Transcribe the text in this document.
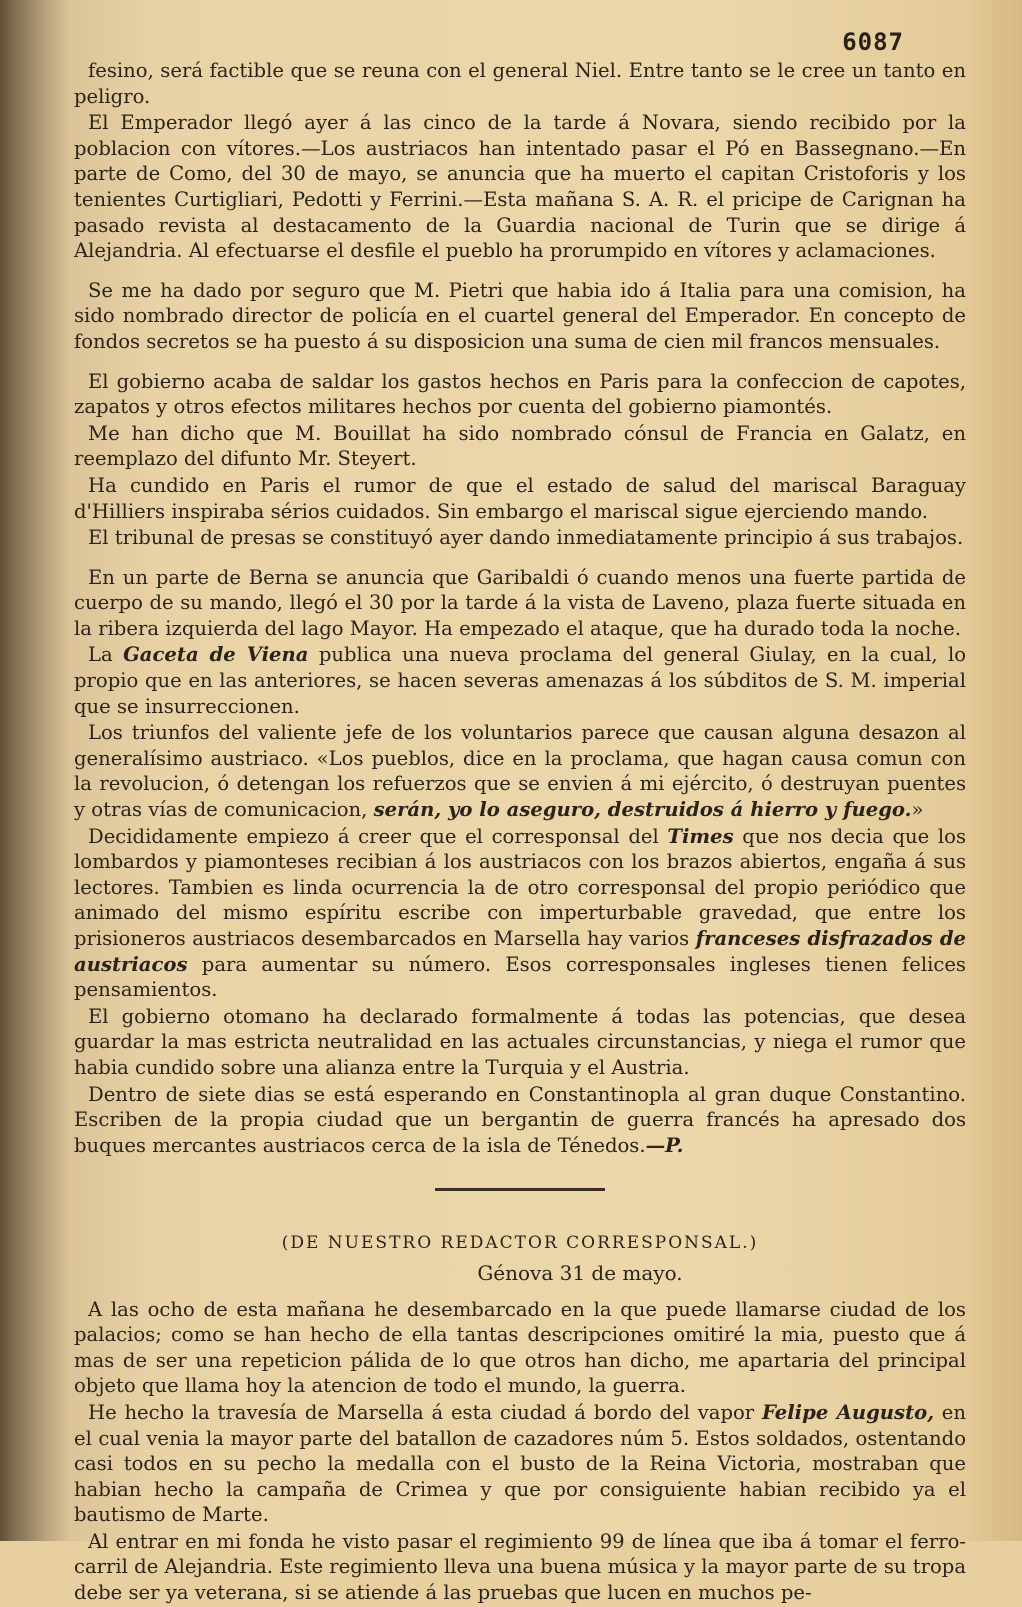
6087

fesino, será factible que se reuna con el general Niel. Entre tanto se le cree un tanto en peligro.

El Emperador llegó ayer á las cinco de la tarde á Novara, siendo recibido por la poblacion con vítores.—Los austriacos han intentado pasar el Pó en Bassegnano.—En parte de Como, del 30 de mayo, se anuncia que ha muerto el capitan Cristoforis y los tenientes Curtigliari, Pedotti y Ferrini.—Esta mañana S. A. R. el pricipe de Carignan ha pasado revista al destacamento de la Guardia nacional de Turin que se dirige á Alejandria. Al efectuarse el desfile el pueblo ha prorumpido en vítores y aclamaciones.

Se me ha dado por seguro que M. Pietri que habia ido á Italia para una comision, ha sido nombrado director de policía en el cuartel general del Emperador. En concepto de fondos secretos se ha puesto á su disposicion una suma de cien mil francos mensuales.

El gobierno acaba de saldar los gastos hechos en Paris para la confeccion de capotes, zapatos y otros efectos militares hechos por cuenta del gobierno piamontés.

Me han dicho que M. Bouillat ha sido nombrado cónsul de Francia en Galatz, en reemplazo del difunto Mr. Steyert.

Ha cundido en Paris el rumor de que el estado de salud del mariscal Baraguay d'Hilliers inspiraba sérios cuidados. Sin embargo el mariscal sigue ejerciendo mando.

El tribunal de presas se constituyó ayer dando inmediatamente principio á sus trabajos.

En un parte de Berna se anuncia que Garibaldi ó cuando menos una fuerte partida de cuerpo de su mando, llegó el 30 por la tarde á la vista de Laveno, plaza fuerte situada en la ribera izquierda del lago Mayor. Ha empezado el ataque, que ha durado toda la noche.

La Gaceta de Viena publica una nueva proclama del general Giulay, en la cual, lo propio que en las anteriores, se hacen severas amenazas á los súbditos de S. M. imperial que se insurreccionen.

Los triunfos del valiente jefe de los voluntarios parece que causan alguna desazon al generalísimo austriaco. «Los pueblos, dice en la proclama, que hagan causa comun con la revolucion, ó detengan los refuerzos que se envien á mi ejército, ó destruyan puentes y otras vías de comunicacion, serán, yo lo aseguro, destruidos á hierro y fuego.»

Decididamente empiezo á creer que el corresponsal del Times que nos decia que los lombardos y piamonteses recibian á los austriacos con los brazos abiertos, engaña á sus lectores. Tambien es linda ocurrencia la de otro corresponsal del propio periódico que animado del mismo espíritu escribe con imperturbable gravedad, que entre los prisioneros austriacos desembarcados en Marsella hay varios franceses disfrazados de austriacos para aumentar su número. Esos corresponsales ingleses tienen felices pensamientos.

El gobierno otomano ha declarado formalmente á todas las potencias, que desea guardar la mas estricta neutralidad en las actuales circunstancias, y niega el rumor que habia cundido sobre una alianza entre la Turquia y el Austria.

Dentro de siete dias se está esperando en Constantinopla al gran duque Constantino. Escriben de la propia ciudad que un bergantin de guerra francés ha apresado dos buques mercantes austriacos cerca de la isla de Ténedos.—P.

(DE NUESTRO REDACTOR CORRESPONSAL.)

Génova 31 de mayo.

A las ocho de esta mañana he desembarcado en la que puede llamarse ciudad de los palacios; como se han hecho de ella tantas descripciones omitiré la mia, puesto que á mas de ser una repeticion pálida de lo que otros han dicho, me apartaria del principal objeto que llama hoy la atencion de todo el mundo, la guerra.

He hecho la travesía de Marsella á esta ciudad á bordo del vapor Felipe Augusto, en el cual venia la mayor parte del batallon de cazadores núm 5. Estos soldados, ostentando casi todos en su pecho la medalla con el busto de la Reina Victoria, mostraban que habian hecho la campaña de Crimea y que por consiguiente habian recibido ya el bautismo de Marte.

Al entrar en mi fonda he visto pasar el regimiento 99 de línea que iba á tomar el ferro-carril de Alejandria. Este regimiento lleva una buena música y la mayor parte de su tropa debe ser ya veterana, si se atiende á las pruebas que lucen en muchos pe-
